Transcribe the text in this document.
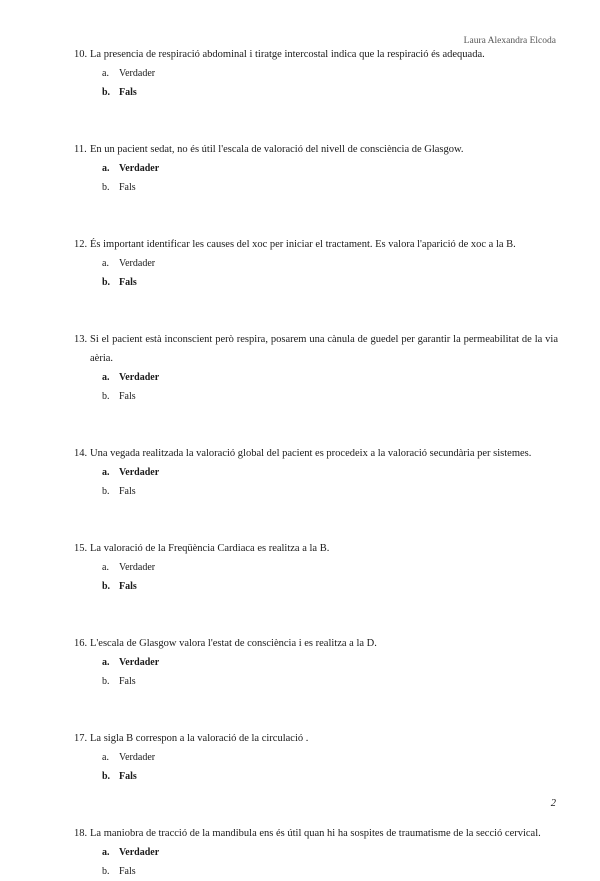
Laura Alexandra Elcoda
10. La presencia de respiració abdominal i tiratge intercostal indica que la respiració és adequada.

a. Verdader
b. Fals
11. En un pacient sedat, no és útil l'escala de valoració del nivell de consciència de Glasgow.

a. Verdader
b. Fals
12. És important identificar les causes del xoc per iniciar el tractament. Es valora l'aparició de xoc a la B.

a. Verdader
b. Fals
13. Si el pacient està inconscient però respira, posarem una cànula de guedel per garantir la permeabilitat de la via aèria.

a. Verdader
b. Fals
14. Una vegada realitzada la valoració global del pacient es procedeix a la valoració secundària per sistemes.

a. Verdader
b. Fals
15. La valoració de la Freqüència Cardiaca es realitza a la B.

a. Verdader
b. Fals
16. L'escala de Glasgow valora l'estat de consciència i es realitza a la D.

a. Verdader
b. Fals
17. La sigla B correspon a la valoració de la circulació .

a. Verdader
b. Fals
18. La maniobra de tracció de la mandibula ens és útil quan hi ha sospites de traumatisme de la secció cervical.

a. Verdader
b. Fals
2
